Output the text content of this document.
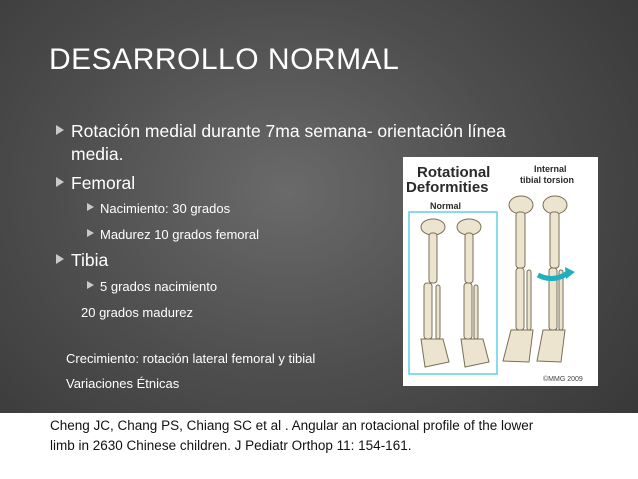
DESARROLLO NORMAL
Rotación medial durante 7ma semana- orientación línea
media.
Femoral
Nacimiento: 30 grados
Madurez 10 grados femoral
Tibia
5 grados nacimiento
20 grados madurez
Crecimiento: rotación lateral femoral y tibial
Variaciones Étnicas
Rotational
Deformities
Internal
tibial torsion
Normal
©MMG 2009
Cheng JC, Chang PS, Chiang SC et al . Angular an rotacional profile of the lower limb in 2630 Chinese children. J Pediatr Orthop 11: 154-161.
